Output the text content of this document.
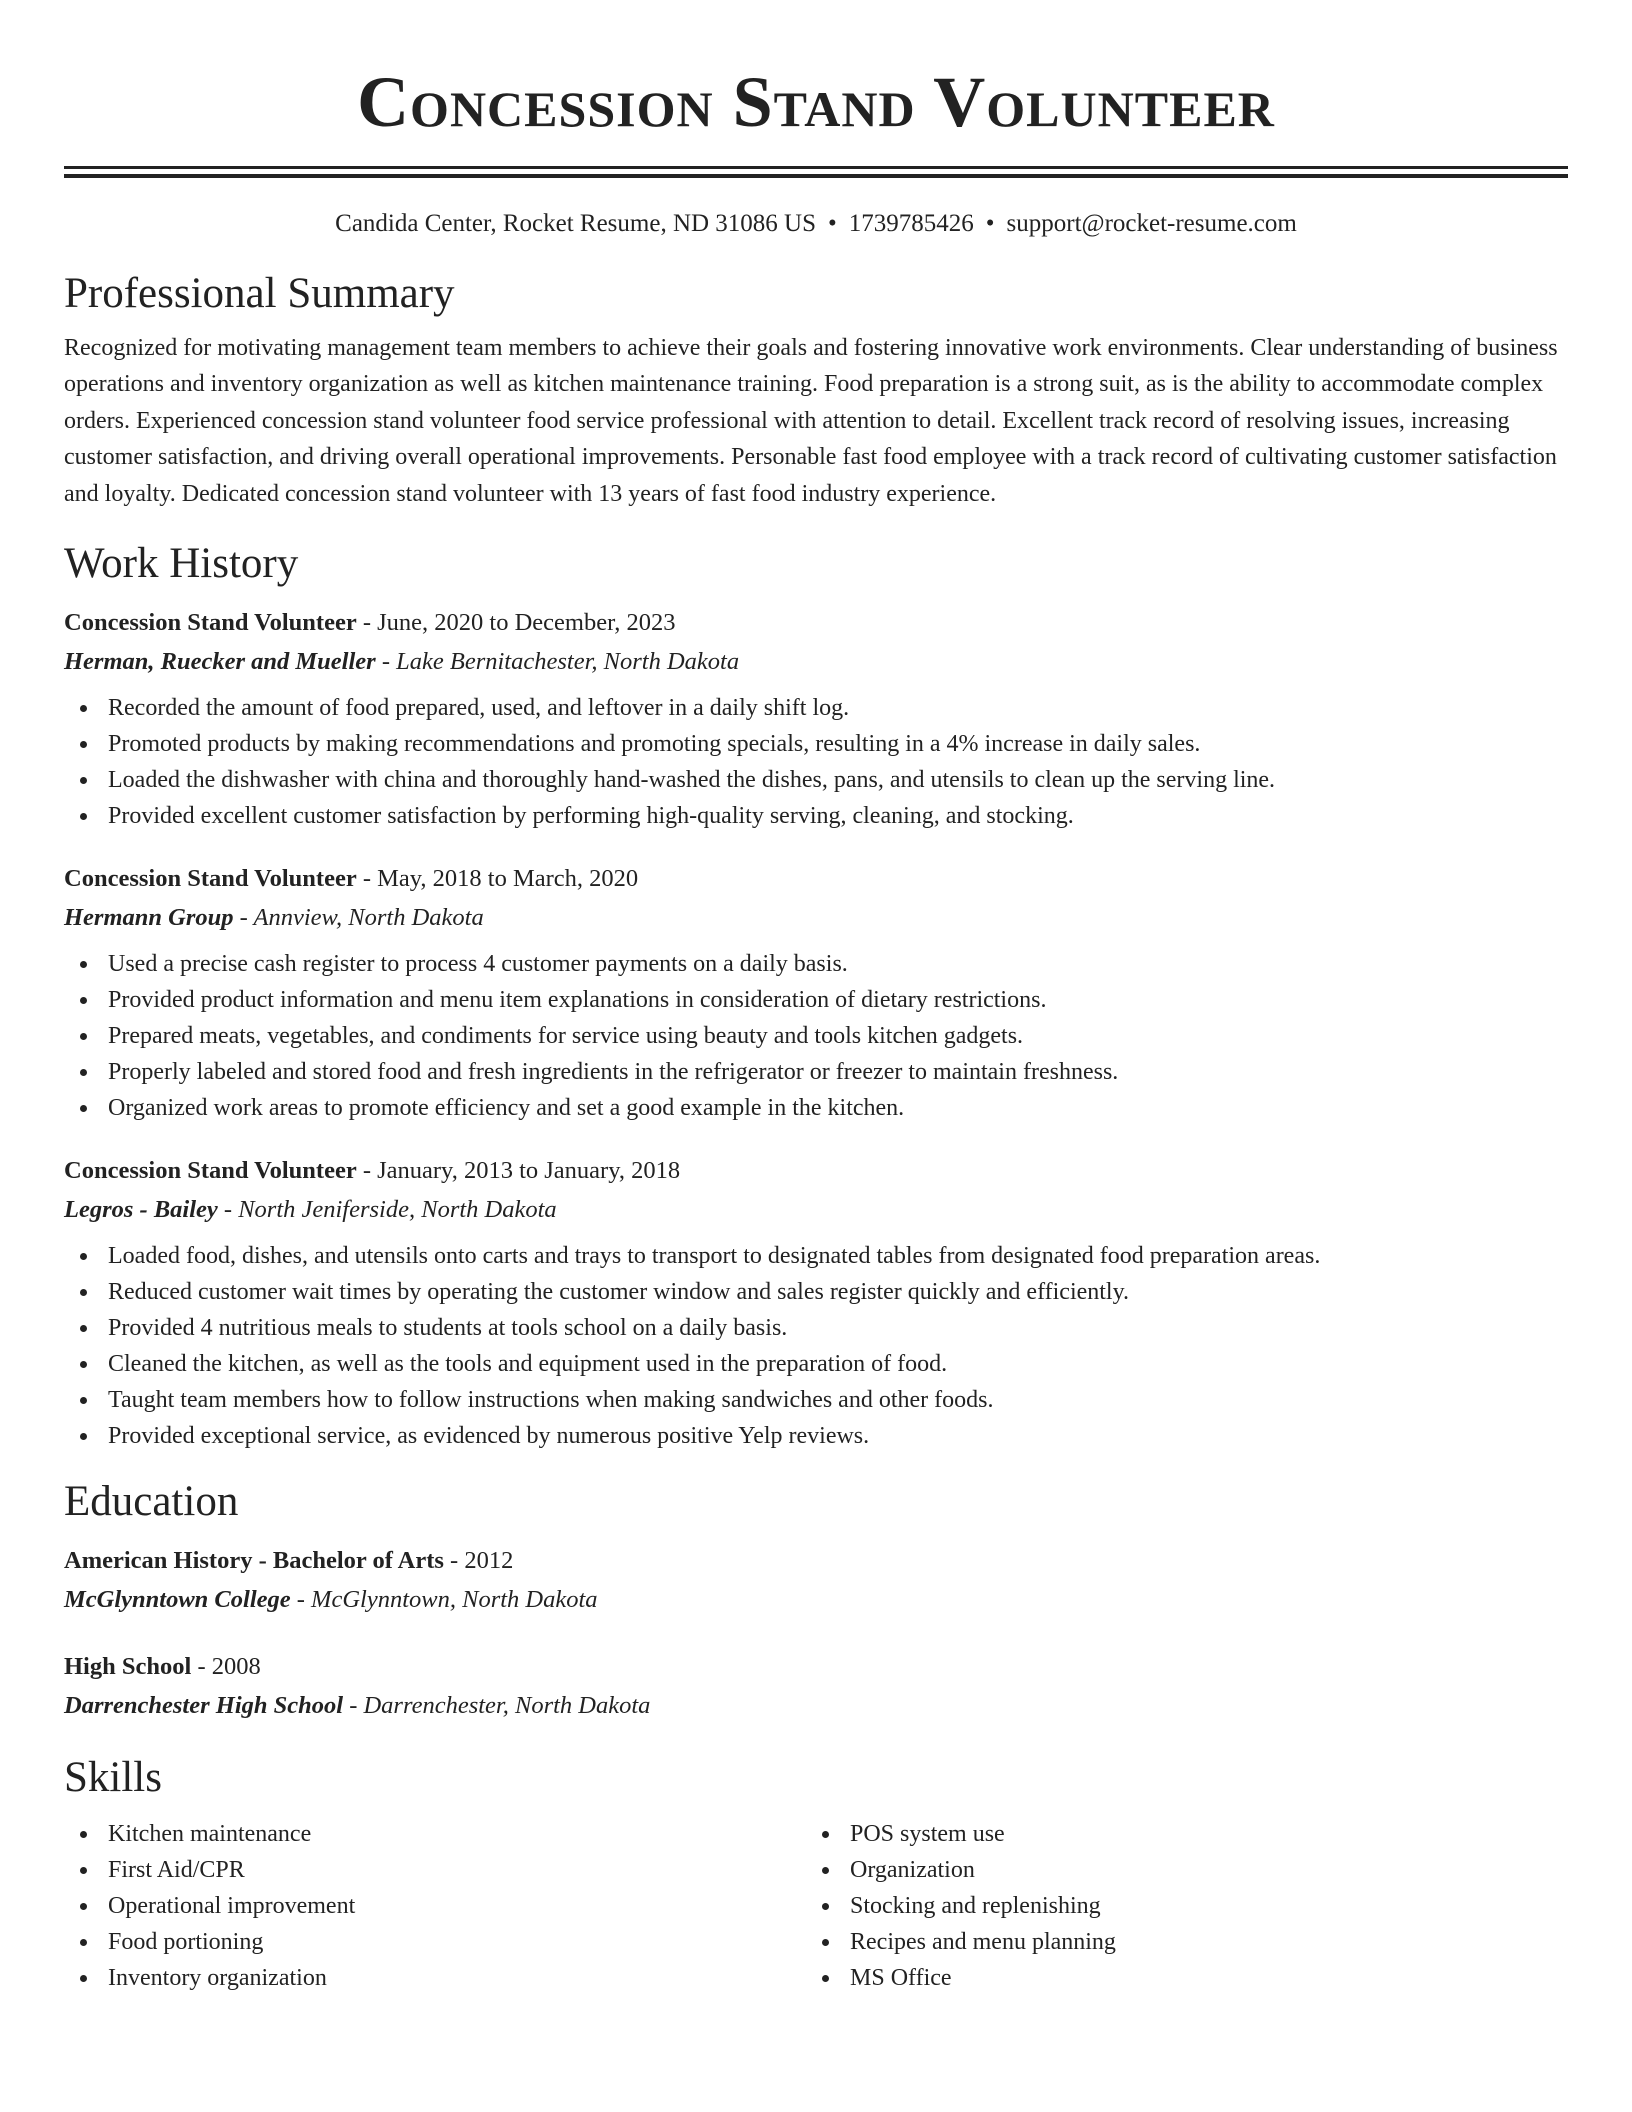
Concession Stand Volunteer
Candida Center, Rocket Resume, ND 31086 US • 1739785426 • support@rocket-resume.com
Professional Summary

Recognized for motivating management team members to achieve their goals and fostering innovative work environments. Clear understanding of business operations and inventory organization as well as kitchen maintenance training. Food preparation is a strong suit, as is the ability to accommodate complex orders. Experienced concession stand volunteer food service professional with attention to detail. Excellent track record of resolving issues, increasing customer satisfaction, and driving overall operational improvements. Personable fast food employee with a track record of cultivating customer satisfaction and loyalty. Dedicated concession stand volunteer with 13 years of fast food industry experience.

Work History
Concession Stand Volunteer - June, 2020 to December, 2023
Herman, Ruecker and Mueller - Lake Bernitachester, North Dakota
Recorded the amount of food prepared, used, and leftover in a daily shift log.
Promoted products by making recommendations and promoting specials, resulting in a 4% increase in daily sales.
Loaded the dishwasher with china and thoroughly hand-washed the dishes, pans, and utensils to clean up the serving line.
Provided excellent customer satisfaction by performing high-quality serving, cleaning, and stocking.
Concession Stand Volunteer - May, 2018 to March, 2020
Hermann Group - Annview, North Dakota
Used a precise cash register to process 4 customer payments on a daily basis.
Provided product information and menu item explanations in consideration of dietary restrictions.
Prepared meats, vegetables, and condiments for service using beauty and tools kitchen gadgets.
Properly labeled and stored food and fresh ingredients in the refrigerator or freezer to maintain freshness.
Organized work areas to promote efficiency and set a good example in the kitchen.
Concession Stand Volunteer - January, 2013 to January, 2018
Legros - Bailey - North Jeniferside, North Dakota
Loaded food, dishes, and utensils onto carts and trays to transport to designated tables from designated food preparation areas.
Reduced customer wait times by operating the customer window and sales register quickly and efficiently.
Provided 4 nutritious meals to students at tools school on a daily basis.
Cleaned the kitchen, as well as the tools and equipment used in the preparation of food.
Taught team members how to follow instructions when making sandwiches and other foods.
Provided exceptional service, as evidenced by numerous positive Yelp reviews.
Education
American History - Bachelor of Arts - 2012
McGlynntown College - McGlynntown, North Dakota
High School - 2008
Darrenchester High School - Darrenchester, North Dakota
Skills
Kitchen maintenance
First Aid/CPR
Operational improvement
Food portioning
Inventory organization
POS system use
Organization
Stocking and replenishing
Recipes and menu planning
MS Office
